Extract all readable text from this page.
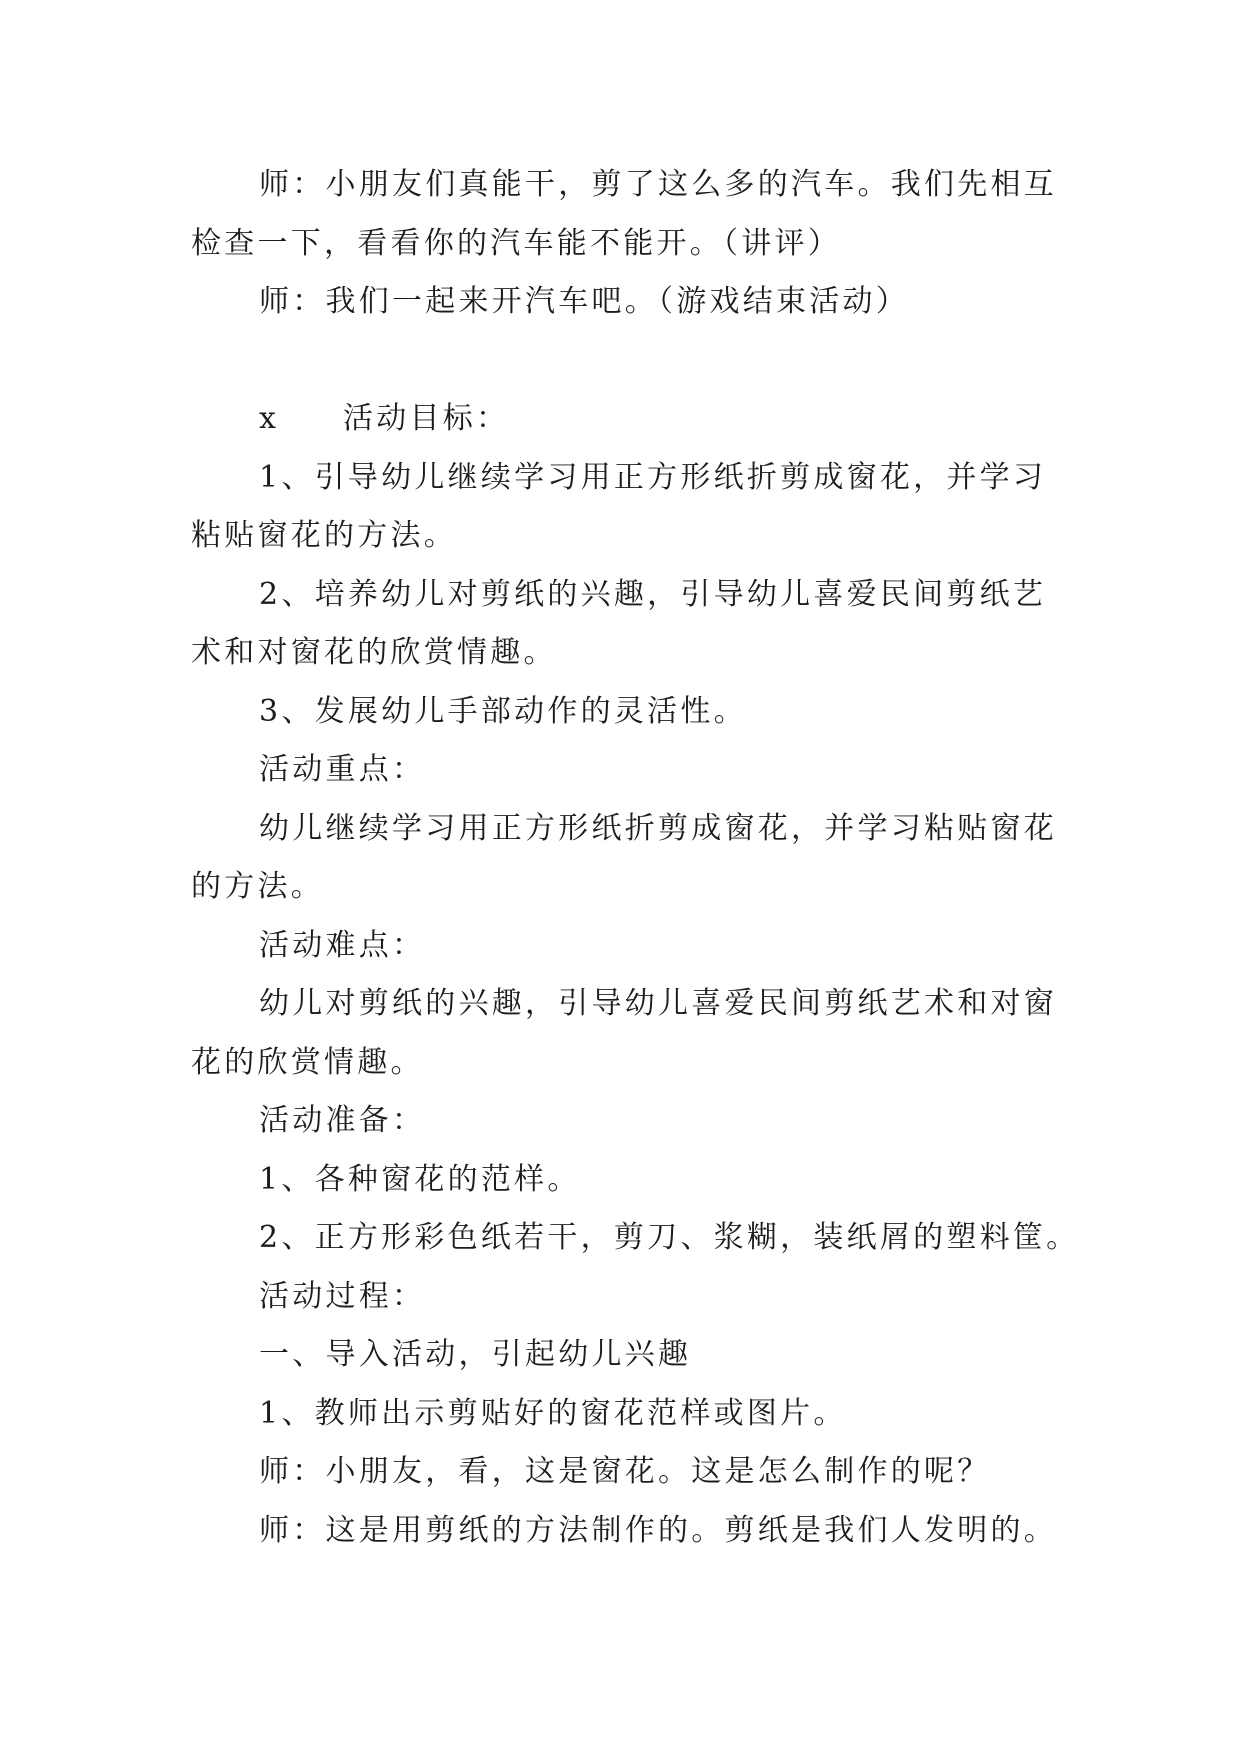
师：小朋友们真能干，剪了这么多的汽车。我们先相互
检查一下，看看你的汽车能不能开。（讲评）
师：我们一起来开汽车吧。（游戏结束活动）
x 活动目标：
1、引导幼儿继续学习用正方形纸折剪成窗花，并学习
粘贴窗花的方法。
2、培养幼儿对剪纸的兴趣，引导幼儿喜爱民间剪纸艺
术和对窗花的欣赏情趣。
3、发展幼儿手部动作的灵活性。
活动重点：
幼儿继续学习用正方形纸折剪成窗花，并学习粘贴窗花
的方法。
活动难点：
幼儿对剪纸的兴趣，引导幼儿喜爱民间剪纸艺术和对窗
花的欣赏情趣。
活动准备：
1、各种窗花的范样。
2、正方形彩色纸若干，剪刀、浆糊，装纸屑的塑料筐。
活动过程：
一、导入活动，引起幼儿兴趣
1、教师出示剪贴好的窗花范样或图片。
师：小朋友，看，这是窗花。这是怎么制作的呢？
师：这是用剪纸的方法制作的。剪纸是我们人发明的。
